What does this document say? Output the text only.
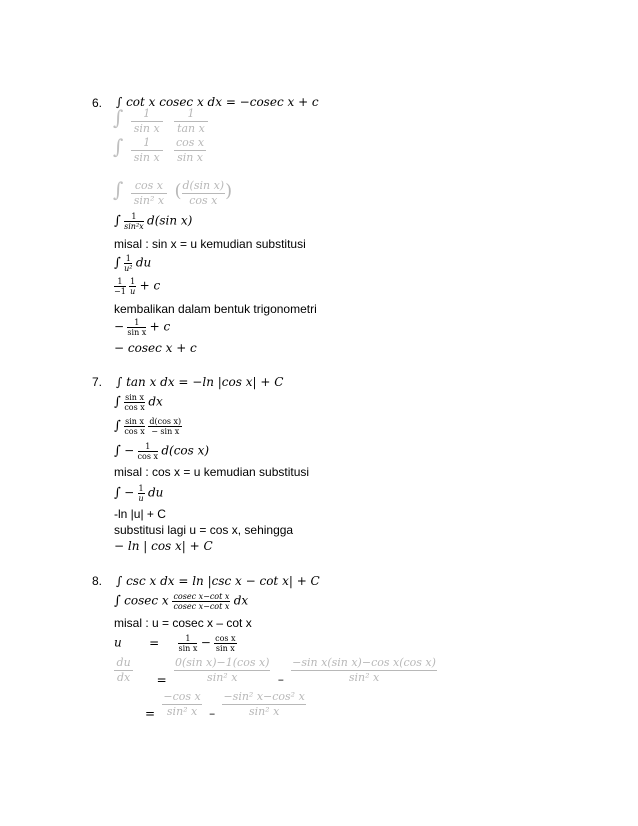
6. ∫ cot 𝑥 𝑐𝑜𝑠𝑒𝑐 𝑥 𝑑𝑥 = −𝑐𝑜𝑠𝑒𝑐 𝑥 + 𝑐
∫ $\frac{1}{\text{sin x}}$
$\frac{1}{\text{tan x}}$
∫ $\frac{1}{\text{sin x}}$
$\frac{\text{cos x}}{\text{sin x}}$
∫ $\frac{\text{cos x}}{\text{sin² x}}$ ( $\frac{\text{d(sin x)}}{\text{cos x}}$ )
∫ $\frac{1}{\text{sin²x}}$ 𝑑(sin 𝑥)
misal : sin x = u kemudian substitusi
∫ $\frac{1}{\text{u²}}$ 𝑑𝑢
$\frac{1}{-1}$
$\frac{1}{u}$ + 𝑐
kembalikan dalam bentuk trigonometri
− $\frac{1}{\text{sin x}}$ + 𝑐
− 𝑐𝑜𝑠𝑒𝑐 𝑥 + 𝑐
7. ∫ 𝑡𝑎𝑛 𝑥 𝑑𝑥 = −𝑙𝑛 |𝑐𝑜𝑠 𝑥| + 𝐶
∫ $\frac{\text{sin x}}{\text{cos x}}$ 𝑑𝑥
∫ $\frac{\text{sin x}}{\text{cos x}}$
$\frac{\text{d(cos x)}}{\text{− sin x}}$
∫ − $\frac{1}{\text{cos x}}$ 𝑑(cos 𝑥)
misal : cos x = u kemudian substitusi
∫ − $\frac{1}{u}$ 𝑑𝑢
-ln |u| + C
substitusi lagi u = cos x, sehingga
− ln | cos 𝑥| + 𝐶
8. ∫ 𝑐𝑠𝑐 𝑥 𝑑𝑥 = 𝑙𝑛 |𝑐𝑠𝑐 𝑥 − 𝑐𝑜𝑡 𝑥| + 𝐶
∫ 𝑐𝑜𝑠𝑒𝑐 𝑥 $\frac{\text{cosec x−cot x}}{\text{cosec x−cot x}}$ 𝑑𝑥
misal : u = cosec x – cot x
𝑢 = $\frac{1}{\text{sin x}} - \frac{\text{cos x}}{\text{sin x}}$
$\frac{du}{dx} = \frac{\text{0(sin x)−1(cos x)}}{\text{sin² x}} - \frac{\text{−sin x(sin x)−cos x(cos x)}}{\text{sin² x}}$
= $\frac{\text{−cos x}}{\text{sin² x}} - \frac{\text{−sin² x−cos² x}}{\text{sin² x}}$
